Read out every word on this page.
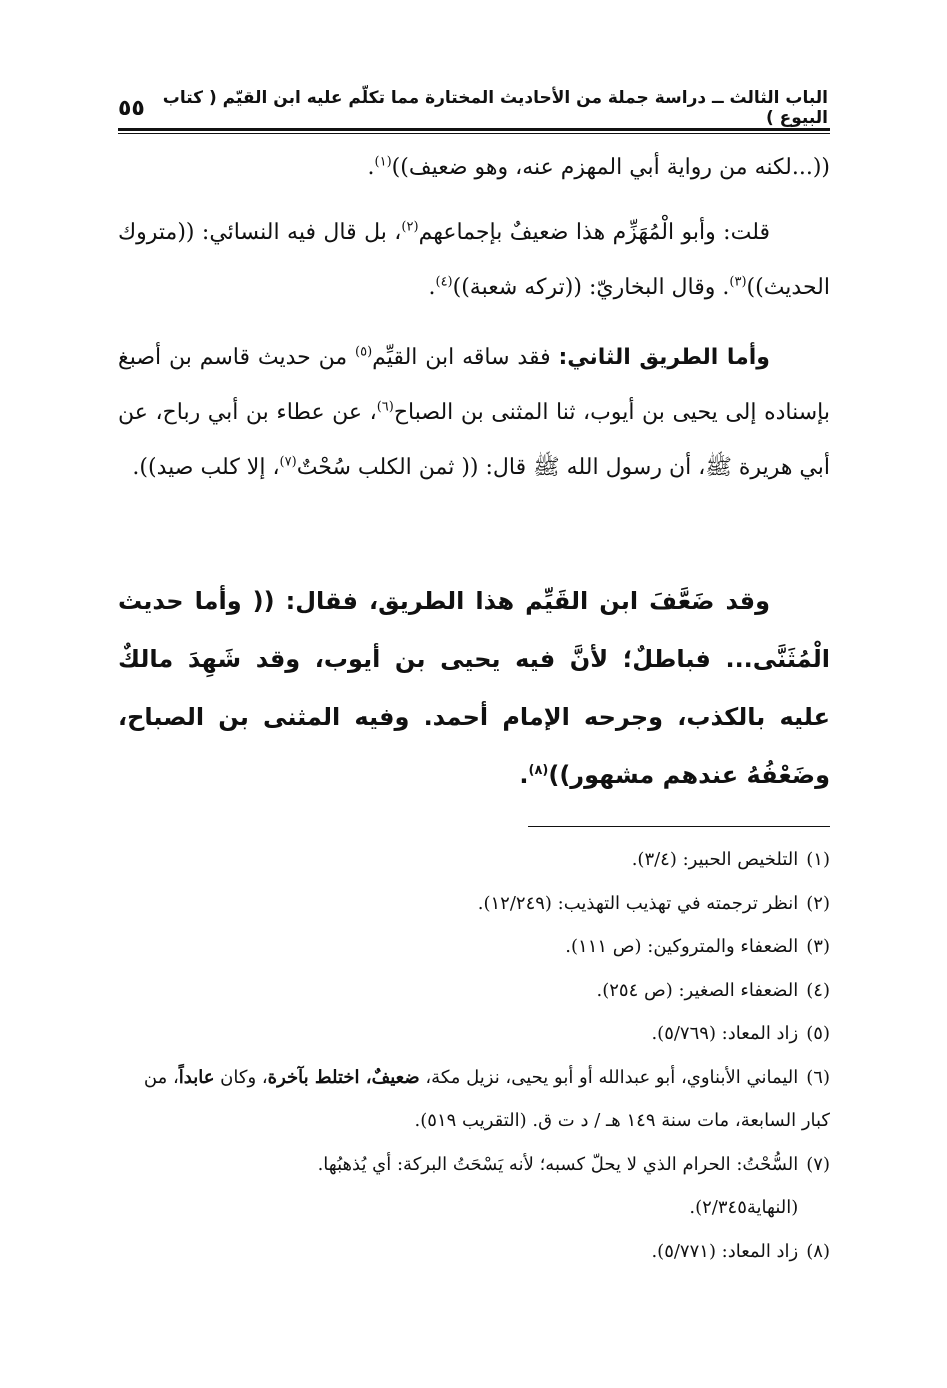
الباب الثالث ــ دراسة جملة من الأحاديث المختارة مما تكلّم عليه ابن القيّم ( كتاب البيوع )
٥٥
((...لكنه من رواية أبي المهزم عنه، وهو ضعيف))$^{(١)}$.
قلت: وأبو الْمُهَزِّم هذا ضعيفٌ بإجماعهم$^{(٢)}$، بل قال فيه النسائي: ((متروك الحديث))$^{(٣)}$. وقال البخاريّ: ((تركه شعبة))$^{(٤)}$.
وأما الطريق الثاني: فقد ساقه ابن القيِّم$^{(٥)}$ من حديث قاسم بن أصبغ بإسناده إلى يحيى بن أيوب، ثنا المثنى بن الصباح$^{(٦)}$، عن عطاء بن أبي رباح، عن أبي هريرة ﷺ، أن رسول الله ﷺ قال: (( ثمن الكلب سُحْتٌ$^{(٧)}$، إلا كلب صيد)).
وقد ضَعَّفَ ابن القَيِّم هذا الطريق، فقال: (( وأما حديث الْمُثَنَّى... فباطلٌ؛ لأنَّ فيه يحيى بن أيوب، وقد شَهِدَ مالكٌ عليه بالكذب، وجرحه الإمام أحمد. وفيه المثنى بن الصباح، وضَعْفُهُ عندهم مشهور))$^{(٨)}$.

(١)التلخيص الحبير: (٣/٤).

(٢)انظر ترجمته في تهذيب التهذيب: (١٢/٢٤٩).

(٣)الضعفاء والمتروكين: (ص ١١١).

(٤)الضعفاء الصغير: (ص ٢٥٤).

(٥)زاد المعاد: (٥/٧٦٩).

(٦)اليماني الأبناوي، أبو عبدالله أو أبو يحيى، نزيل مكة، ضعيفٌ، اختلط بآخرة، وكان عابداً، من كبار السابعة، مات سنة ١٤٩ هـ / د ت ق. (التقريب ٥١٩).

(٧)السُّحْتُ: الحرام الذي لا يحلّ كسبه؛ لأنه يَسْحَتُ البركة: أي يُذهبُها.

(النهاية٢/٣٤٥).

(٨)زاد المعاد: (٥/٧٧١).
